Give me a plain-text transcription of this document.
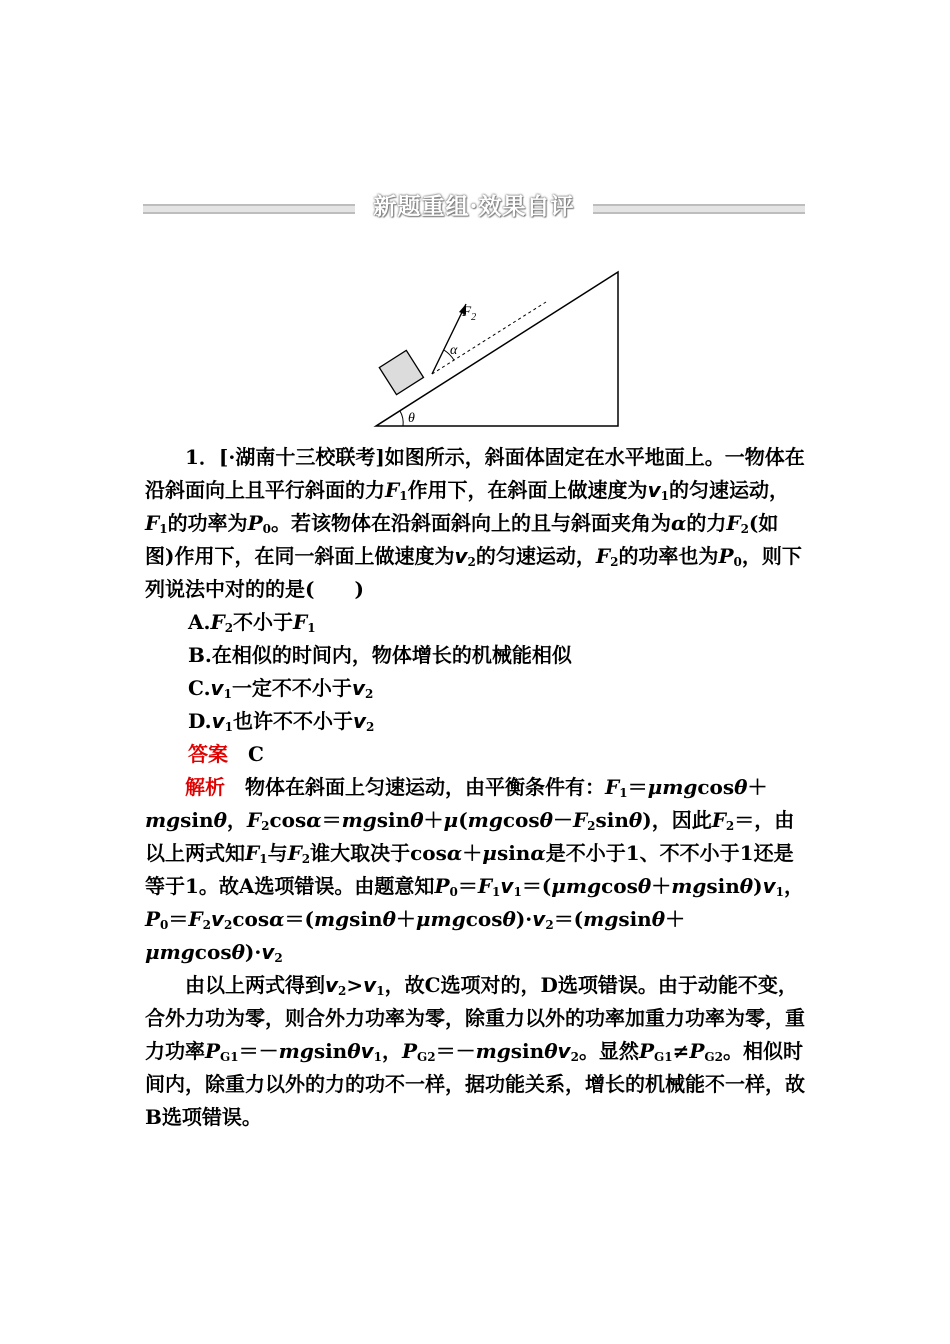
新题重组·效果自评
$F_2$
α
θ

1．[·湖南十三校联考]如图所示，斜面体固定在水平地面上。一物体在沿斜面向上且平行斜面的力$F_1$作用下，在斜面上做速度为$v_1$的匀速运动，$F_1$的功率为$P_0$。若该物体在沿斜面斜向上的且与斜面夹角为α的力$F_2$(如图)作用下，在同一斜面上做速度为$v_2$的匀速运动，$F_2$的功率也为$P_0$，则下列说法中对的的是(　　)

$A.F_2$不小于$F_1$

B.在相似的时间内，物体增长的机械能相似

$C.v_1$一定不不小于$v_2$

$D.v_1$也许不不小于$v_2$

答案　 C

解析　 物体在斜面上匀速运动，由平衡条件有：$F_1=\mu mgcos\theta+mgsin\theta$，$F_2\cos\alpha=mgsin\theta+\mu(mgcos\theta-F_2\sin\theta)$，因此$F_2=$，由以上两式知$F_1$与$F_2$谁大取决于cosα＋μsinα是不小于1、不不小于1还是等于1。故A选项错误。由题意知$P_0=F_1v_1=(\mu mgcos\theta+mgsin\theta)v_1$，$P_0=F_2v_2\cos\alpha=(mgsin\theta+\mu mgcos\theta)\cdot v_2=(mgsin\theta+\mu mgcos\theta)\cdot v_2$

由以上两式得到$v_2>v_1$，故C选项对的，D选项错误。由于动能不变，合外力功为零，则合外力功率为零，除重力以外的功率加重力功率为零，重力功率$P_{G1}=-mgsin\theta v_1$，$P_{G2}=-mgsin\theta v_2$。显然$P_{G1}\ne P_{G2}$。相似时间内，除重力以外的力的功不一样，据功能关系，增长的机械能不一样，故B选项错误。
